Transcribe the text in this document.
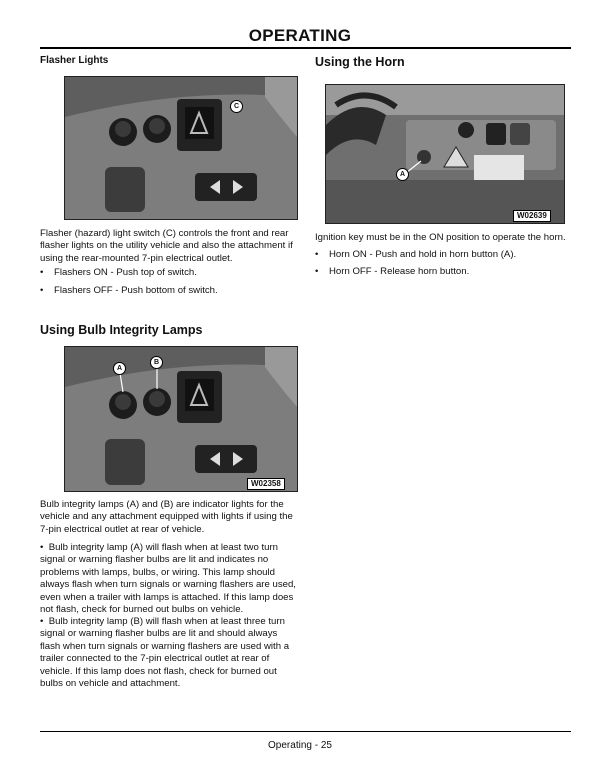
OPERATING
Flasher Lights
C
Flasher (hazard) light switch (C) controls the front and rear flasher lights on the utility vehicle and also the attachment if using the rear-mounted 7-pin electrical outlet.
• Flashers ON - Push top of switch.
• Flashers OFF - Push bottom of switch.
Using Bulb Integrity Lamps
A
B
W02358
Bulb integrity lamps (A) and (B) are indicator lights for the vehicle and any attachment equipped with lights if using the 7-pin electrical outlet at rear of vehicle.
• Bulb integrity lamp (A) will flash when at least two turn signal or warning flasher bulbs are lit and indicates no problems with lamps, bulbs, or wiring. This lamp should always flash when turn signals or warning flashers are used, even when a trailer with lamps is attached. If this lamp does not flash, check for burned out bulbs on vehicle.
• Bulb integrity lamp (B) will flash when at least three turn signal or warning flasher bulbs are lit and should always flash when turn signals or warning flashers are used with a trailer connected to the 7-pin electrical outlet at rear of vehicle. If this lamp does not flash, check for burned out bulbs on vehicle and attachment.
Using the Horn
A
W02639
Ignition key must be in the ON position to operate the horn.
• Horn ON - Push and hold in horn button (A).
• Horn OFF - Release horn button.
Operating - 25
